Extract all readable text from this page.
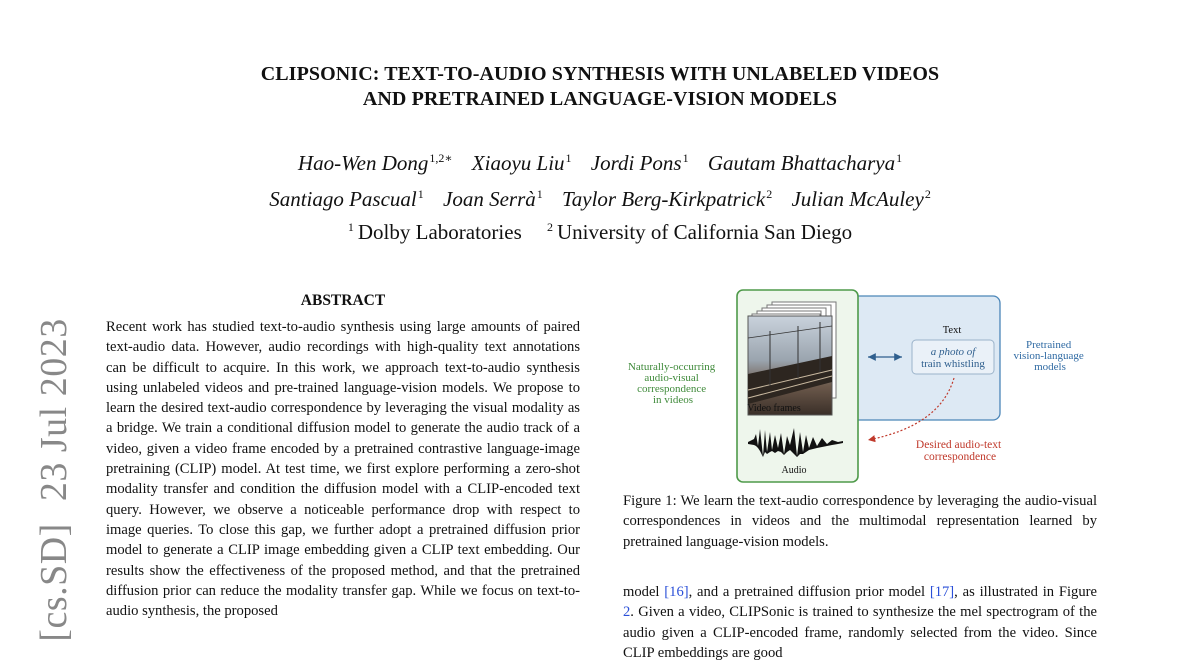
CLIPSONIC: TEXT-TO-AUDIO SYNTHESIS WITH UNLABELED VIDEOS
AND PRETRAINED LANGUAGE-VISION MODELS
Hao-Wen Dong$^{1,2∗}$ Xiaoyu Liu$^1$ Jordi Pons$^1$ Gautam Bhattacharya$^1$
Santiago Pascual$^1$ Joan Serrà$^1$ Taylor Berg-Kirkpatrick$^2$ Julian McAuley$^2$
$^1$ Dolby Laboratories $^2$ University of California San Diego
[cs.SD] 23 Jul 2023
ABSTRACT
Recent work has studied text-to-audio synthesis using large amounts of paired text-audio data. However, audio recordings with high-quality text annotations can be difficult to acquire. In this work, we approach text-to-audio synthesis using unlabeled videos and pre-trained language-vision models. We propose to learn the desired text-audio correspondence by leveraging the visual modality as a bridge. We train a conditional diffusion model to generate the audio track of a video, given a video frame encoded by a pretrained contrastive language-image pretraining (CLIP) model. At test time, we first explore performing a zero-shot modality transfer and condition the diffusion model with a CLIP-encoded text query. However, we observe a noticeable performance drop with respect to image queries. To close this gap, we further adopt a pretrained diffusion prior model to generate a CLIP image embedding given a CLIP text embedding. Our results show the effectiveness of the proposed method, and that the pretrained diffusion prior can reduce the modality transfer gap. While we focus on text-to-audio synthesis, the proposed
Video frames
Audio
Naturally-occurring audio-visual correspondence in videos
Text
a photo of
train whistling
Pretrained vision-language models
Desired audio-text correspondence
Figure 1: We learn the text-audio correspondence by leveraging the audio-visual correspondences in videos and the multimodal representation learned by pretrained language-vision models.
model [16], and a pretrained diffusion prior model [17], as illustrated in Figure 2. Given a video, CLIPSonic is trained to synthesize the mel spectrogram of the audio given a CLIP-encoded frame, randomly selected from the video. Since CLIP embeddings are good
